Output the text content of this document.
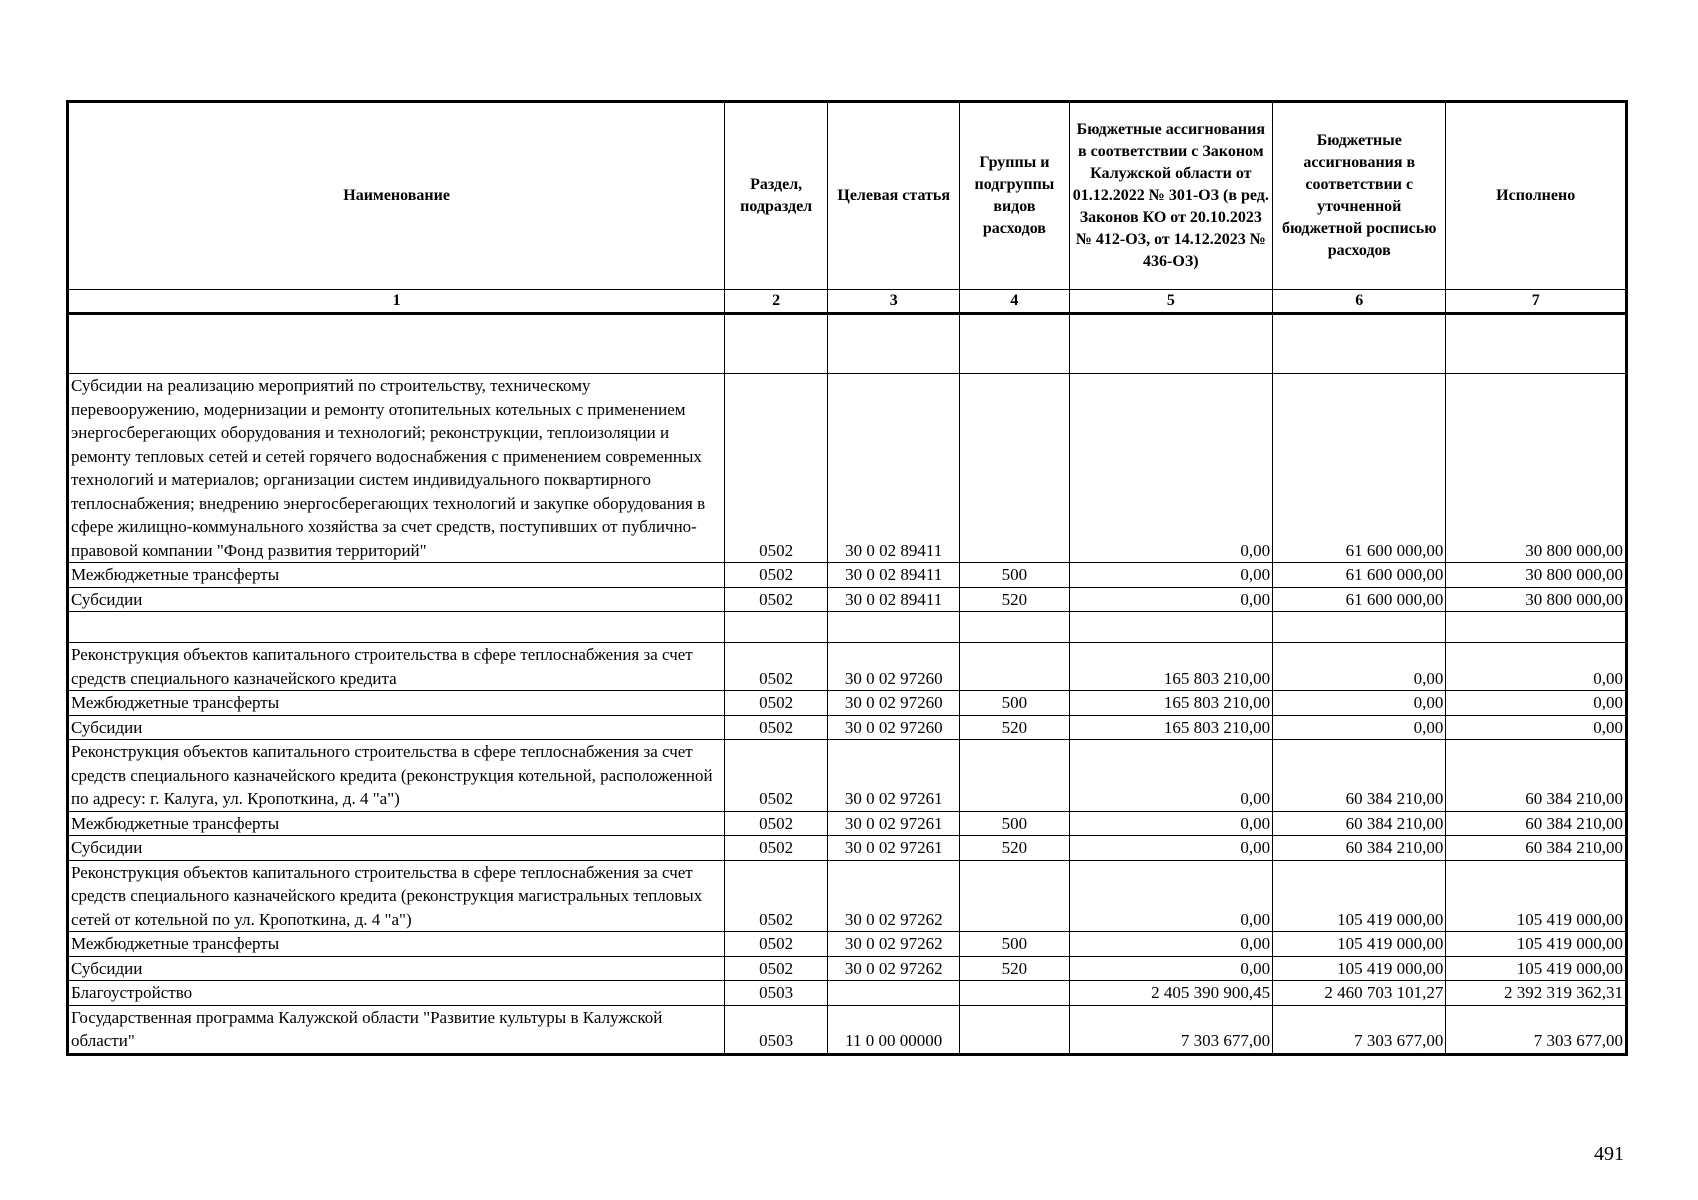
Наименование	Раздел, подраздел	Целевая статья	Группы и подгруппы видов расходов	Бюджетные ассигнования в соответствии с Законом Калужской области от 01.12.2022 № 301-ОЗ (в ред. Законов КО от 20.10.2023 № 412-ОЗ, от 14.12.2023 № 436-ОЗ)	Бюджетные ассигнования в соответствии с уточненной бюджетной росписью расходов	Исполнено
1	2	3	4	5	6	7

Субсидии на реализацию мероприятий по строительству, техническому перевооружению, модернизации и ремонту отопительных котельных с применением энергосберегающих оборудования и технологий; реконструкции, теплоизоляции и ремонту тепловых сетей и сетей горячего водоснабжения с применением современных технологий и материалов; организации систем индивидуального поквартирного теплоснабжения; внедрению энергосберегающих технологий и закупке оборудования в сфере жилищно-коммунального хозяйства за счет средств, поступивших от публично-правовой компании "Фонд развития территорий"	0502	30 0 02 89411		0,00	61 600 000,00	30 800 000,00
Межбюджетные трансферты	0502	30 0 02 89411	500	0,00	61 600 000,00	30 800 000,00
Субсидии	0502	30 0 02 89411	520	0,00	61 600 000,00	30 800 000,00

Реконструкция объектов капитального строительства в сфере теплоснабжения за счет средств специального казначейского кредита	0502	30 0 02 97260		165 803 210,00	0,00	0,00
Межбюджетные трансферты	0502	30 0 02 97260	500	165 803 210,00	0,00	0,00
Субсидии	0502	30 0 02 97260	520	165 803 210,00	0,00	0,00
Реконструкция объектов капитального строительства в сфере теплоснабжения за счет средств специального казначейского кредита (реконструкция котельной, расположенной по адресу: г. Калуга, ул. Кропоткина, д. 4 "а")	0502	30 0 02 97261		0,00	60 384 210,00	60 384 210,00
Межбюджетные трансферты	0502	30 0 02 97261	500	0,00	60 384 210,00	60 384 210,00
Субсидии	0502	30 0 02 97261	520	0,00	60 384 210,00	60 384 210,00
Реконструкция объектов капитального строительства в сфере теплоснабжения за счет средств специального казначейского кредита (реконструкция магистральных тепловых сетей от котельной по ул. Кропоткина, д. 4 "а")	0502	30 0 02 97262		0,00	105 419 000,00	105 419 000,00
Межбюджетные трансферты	0502	30 0 02 97262	500	0,00	105 419 000,00	105 419 000,00
Субсидии	0502	30 0 02 97262	520	0,00	105 419 000,00	105 419 000,00
Благоустройство	0503			2 405 390 900,45	2 460 703 101,27	2 392 319 362,31
Государственная программа Калужской области "Развитие культуры в Калужской области"	0503	11 0 00 00000		7 303 677,00	7 303 677,00	7 303 677,00
491
